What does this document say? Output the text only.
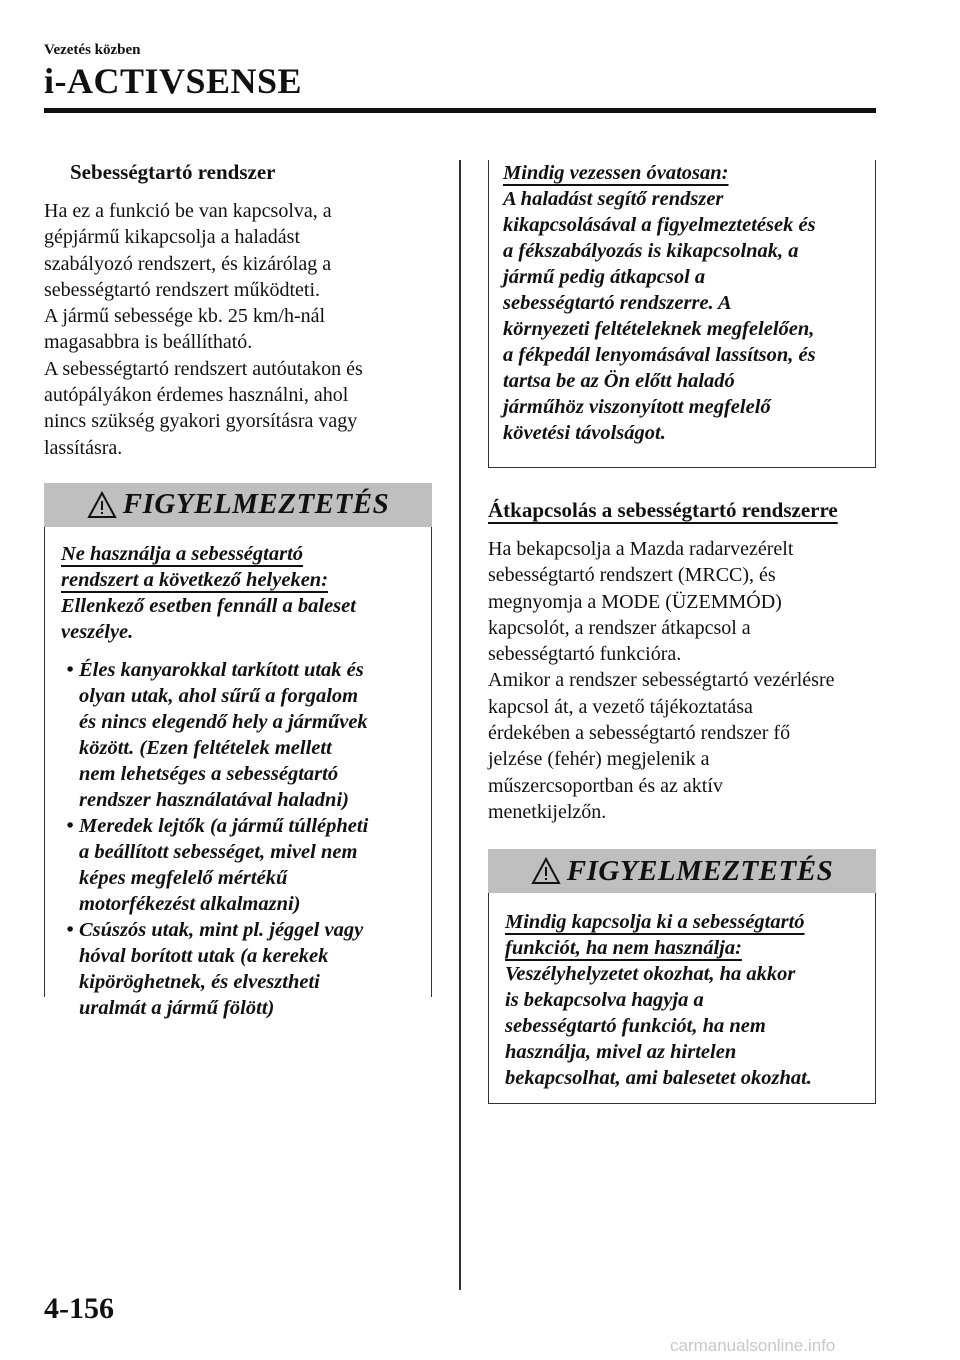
Vezetés közben
i-ACTIVSENSE
Sebességtartó rendszer
Ha ez a funkció be van kapcsolva, a
gépjármű kikapcsolja a haladást
szabályozó rendszert, és kizárólag a
sebességtartó rendszert működteti.
A jármű sebessége kb. 25 km/h-nál
magasabbra is beállítható.
A sebességtartó rendszert autóutakon és
autópályákon érdemes használni, ahol
nincs szükség gyakori gyorsításra vagy
lassításra.
FIGYELMEZTETÉS
Ne használja a sebességtartó
rendszert a következő helyeken:
Ellenkező esetben fennáll a baleset
veszélye.
• Éles kanyarokkal tarkított utak és
olyan utak, ahol sűrű a forgalom
és nincs elegendő hely a járművek
között. (Ezen feltételek mellett
nem lehetséges a sebességtartó
rendszer használatával haladni)
• Meredek lejtők (a jármű túllépheti
a beállított sebességet, mivel nem
képes megfelelő mértékű
motorfékezést alkalmazni)
• Csúszós utak, mint pl. jéggel vagy
hóval borított utak (a kerekek
kipöröghetnek, és elvesztheti
uralmát a jármű fölött)
Mindig vezessen óvatosan:
A haladást segítő rendszer
kikapcsolásával a figyelmeztetések és
a fékszabályozás is kikapcsolnak, a
jármű pedig átkapcsol a
sebességtartó rendszerre. A
környezeti feltételeknek megfelelően,
a fékpedál lenyomásával lassítson, és
tartsa be az Ön előtt haladó
járműhöz viszonyított megfelelő
követési távolságot.
Átkapcsolás a sebességtartó rendszerre
Ha bekapcsolja a Mazda radarvezérelt
sebességtartó rendszert (MRCC), és
megnyomja a MODE (ÜZEMMÓD)
kapcsolót, a rendszer átkapcsol a
sebességtartó funkcióra.
Amikor a rendszer sebességtartó vezérlésre
kapcsol át, a vezető tájékoztatása
érdekében a sebességtartó rendszer fő
jelzése (fehér) megjelenik a
műszercsoportban és az aktív
menetkijelzőn.
FIGYELMEZTETÉS
Mindig kapcsolja ki a sebességtartó
funkciót, ha nem használja:
Veszélyhelyzetet okozhat, ha akkor
is bekapcsolva hagyja a
sebességtartó funkciót, ha nem
használja, mivel az hirtelen
bekapcsolhat, ami balesetet okozhat.
4-156
carmanualsonline.info
